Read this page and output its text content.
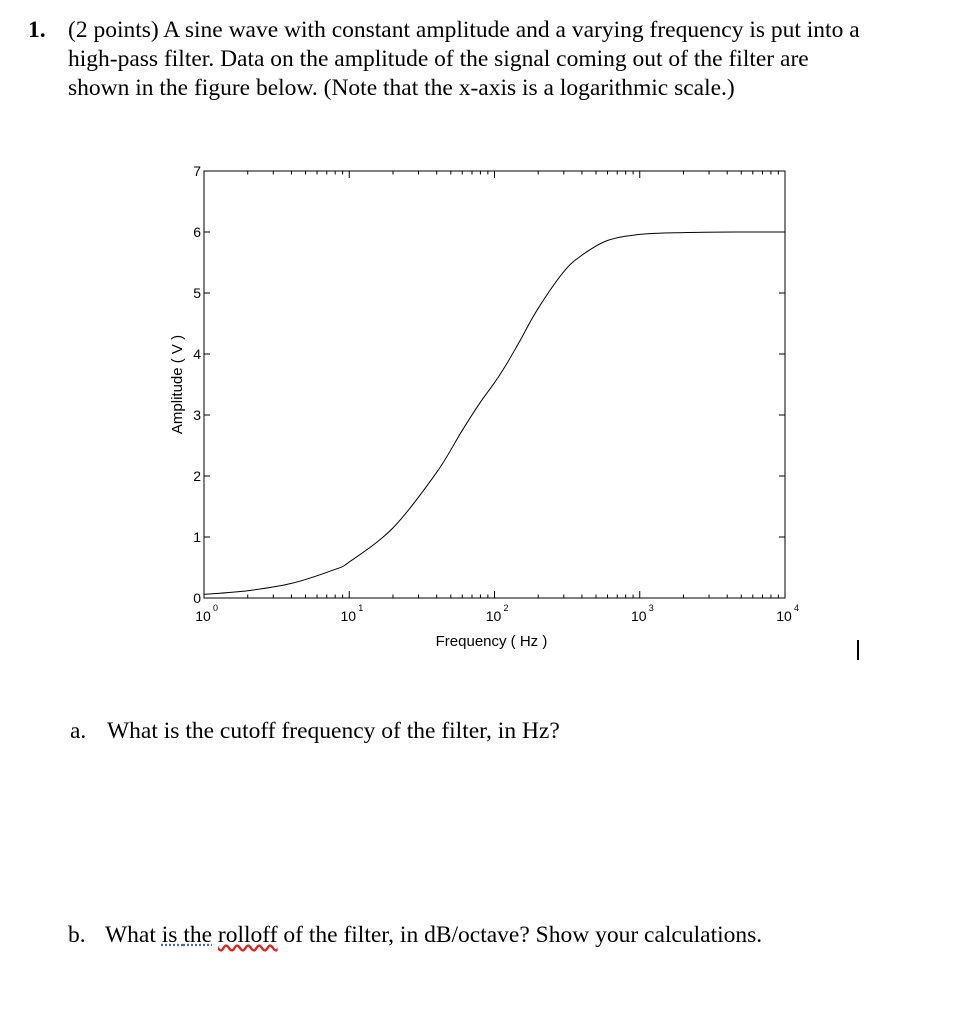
1. (2 points) A sine wave with constant amplitude and a varying frequency is put into a
high-pass filter. Data on the amplitude of the signal coming out of the filter are
shown in the figure below. (Note that the x-axis is a logarithmic scale.)
0
1
2
3
4
5
6
7
10 0	10 1	10 2	10 3	10 4
Frequency ( Hz )
Amplitude ( V )
a. What is the cutoff frequency of the filter, in Hz?
b. What is the rolloff of the filter, in dB/octave? Show your calculations.
